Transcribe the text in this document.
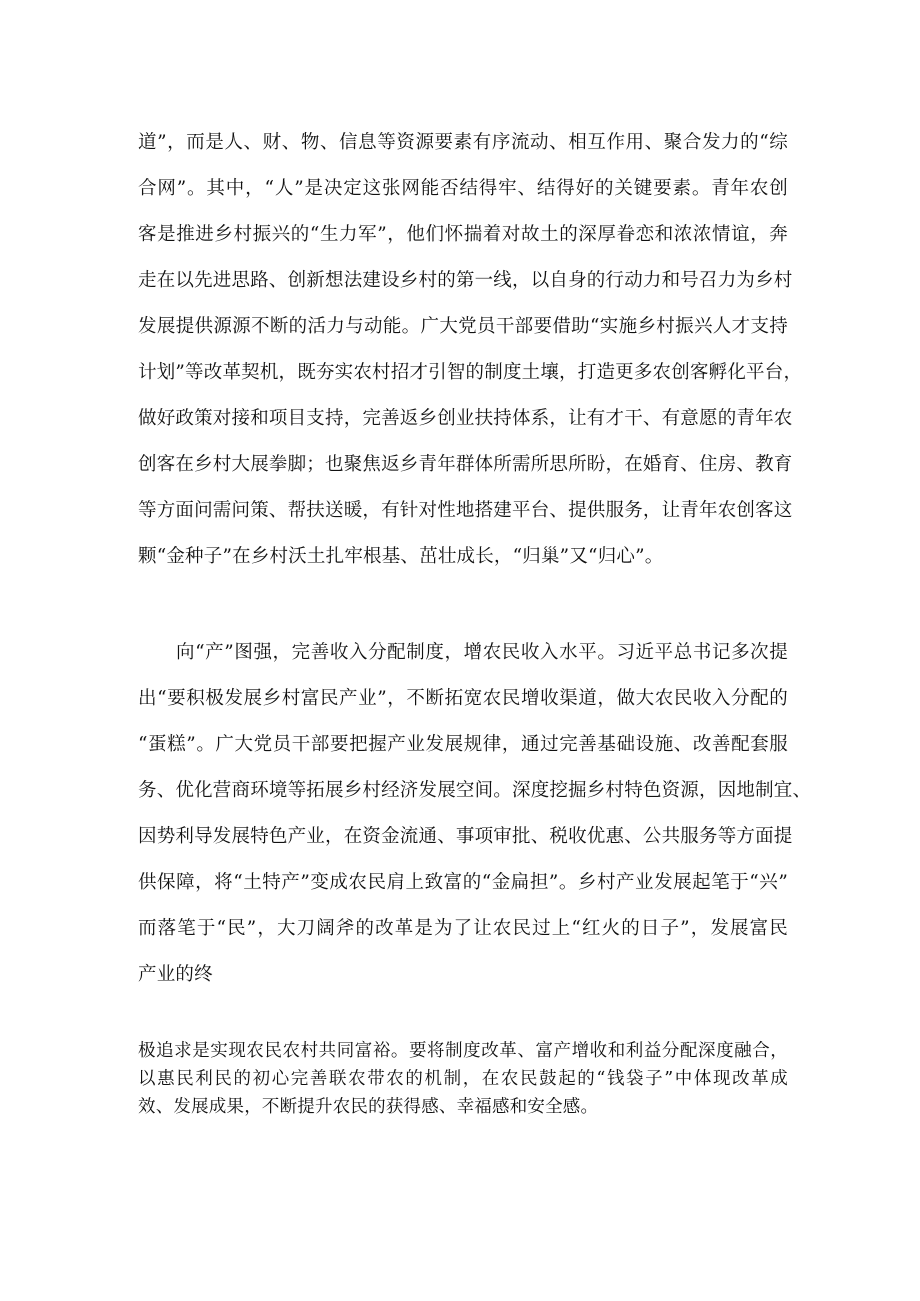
道”，而是人、财、物、信息等资源要素有序流动、相互作用、聚合发力的“综
合网”。其中，“人”是决定这张网能否结得牢、结得好的关键要素。青年农创
客是推进乡村振兴的“生力军”，他们怀揣着对故土的深厚眷恋和浓浓情谊，奔
走在以先进思路、创新想法建设乡村的第一线，以自身的行动力和号召力为乡村
发展提供源源不断的活力与动能。广大党员干部要借助“实施乡村振兴人才支持
计划”等改革契机，既夯实农村招才引智的制度土壤，打造更多农创客孵化平台，
做好政策对接和项目支持，完善返乡创业扶持体系，让有才干、有意愿的青年农
创客在乡村大展拳脚；也聚焦返乡青年群体所需所思所盼，在婚育、住房、教育
等方面问需问策、帮扶送暖，有针对性地搭建平台、提供服务，让青年农创客这
颗“金种子”在乡村沃土扎牢根基、茁壮成长，“归巢”又“归心”。
向“产”图强，完善收入分配制度，增农民收入水平。习近平总书记多次提
出“要积极发展乡村富民产业”，不断拓宽农民增收渠道，做大农民收入分配的
“蛋糕”。广大党员干部要把握产业发展规律，通过完善基础设施、改善配套服
务、优化营商环境等拓展乡村经济发展空间。深度挖掘乡村特色资源，因地制宜、
因势利导发展特色产业，在资金流通、事项审批、税收优惠、公共服务等方面提
供保障，将“土特产”变成农民肩上致富的“金扁担”。乡村产业发展起笔于“兴”
而落笔于“民”，大刀阔斧的改革是为了让农民过上“红火的日子”，发展富民
产业的终
极追求是实现农民农村共同富裕。要将制度改革、富产增收和利益分配深度融合，
以惠民利民的初心完善联农带农的机制，在农民鼓起的“钱袋子”中体现改革成
效、发展成果，不断提升农民的获得感、幸福感和安全感。
